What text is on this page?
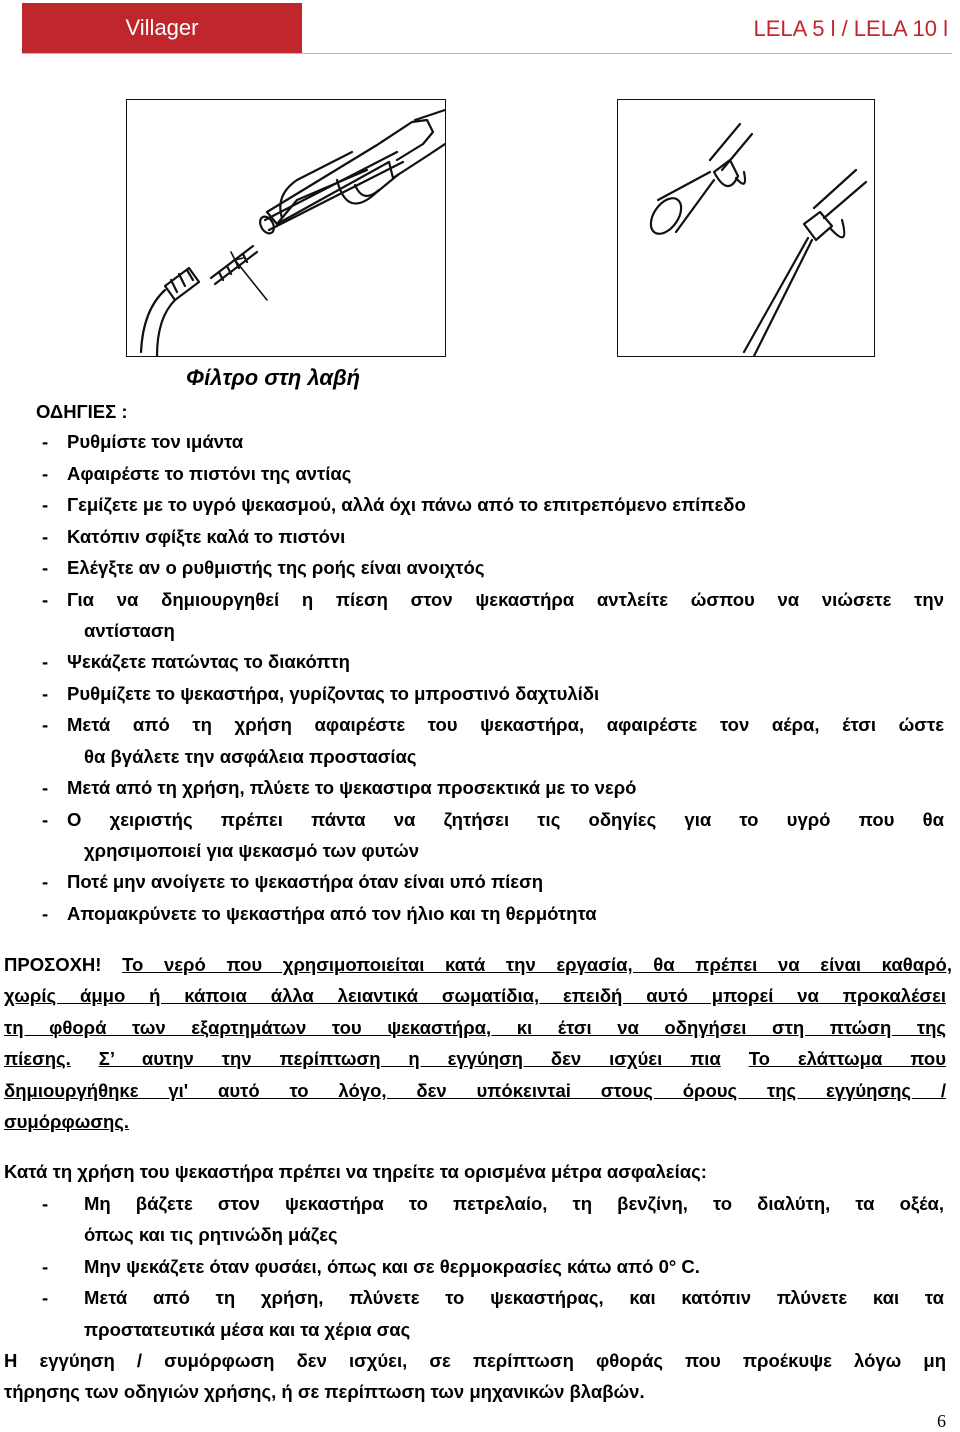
Villager	LELA 5 l / LELA 10 l
Φίλτρο στη λαβή
ΟΔΗΓΙΕΣ :
- Ρυθμίστε τον ιμάντα
- Αφαιρέστε το πιστόνι της αντίας
- Γεμίζετε με το υγρό ψεκασμού, αλλά όχι πάνω από το επιτρεπόμενο επίπεδο
- Κατόπιν σφίξτε καλά το πιστόνι
- Ελέγξτε αν ο ρυθμιστής της ροής είναι ανοιχτός
- Για να δημιουργηθεί η πίεση στον ψεκαστήρα αντλείτε ώσπου να νιώσετε την
αντίσταση
- Ψεκάζετε πατώντας το διακόπτη
- Ρυθμίζετε το ψεκαστήρα, γυρίζοντας το μπροστινό δαχτυλίδι
- Μετά από τη χρήση αφαιρέστε του ψεκαστήρα, αφαιρέστε τον αέρα, έτσι ώστε
θα βγάλετε την ασφάλεια προστασίας
- Μετά από τη χρήση, πλύετε το ψεκαστιρα προσεκτικά με το νερό
- Ο χειριστής πρέπει πάντα να ζητήσει τις οδηγίες για το υγρό που θα
χρησιμοποιεί για ψεκασμό των φυτών
- Ποτέ μην ανοίγετε το ψεκαστήρα όταν είναι υπό πίεση
- Απομακρύνετε το ψεκαστήρα από τον ήλιο και τη θερμότητα
ΠΡΟΣΟΧΗ! Το νερό που χρησιμοποιείται κατά την εργασία, θα πρέπει να είναι καθαρό,
χωρίς άμμο ή κάποια άλλα λειαντικά σωματίδια, επειδή αυτό μπορεί να προκαλέσει
τη φθορά των εξαρτημάτων του ψεκαστήρα, κι έτσι να οδηγήσει στη πτώση της
πίεσης. Σ’ αυτην την περίπτωση η εγγύηση δεν ισχύει πια Το ελάττωμα που
δημιουργήθηκε γι' αυτό το λόγο, δεν υπόκειντai στους όρους της εγγύησης /
συμόρφωσης.
Κατά τη χρήση του ψεκαστήρα πρέπει να τηρείτε τα ορισμένα μέτρα ασφαλείας:
- Μη βάζετε στον ψεκαστήρα το πετρελαίο, τη βενζίνη, το διαλύτη, τα οξέα,
όπως και τις ρητινώδη μάζες
- Μην ψεκάζετε όταν φυσάει, όπως και σε θερμοκρασίες κάτω από 0° C.
- Μετά από τη χρήση, πλύνετε το ψεκαστήρας, και κατόπιν πλύνετε και τα
προστατευτικά μέσα και τα χέρια σας
Η εγγύηση / συμόρφωση δεν ισχύει, σε περίπτωση φθοράς που προέκυψε λόγω μη
τήρησης των οδηγιών χρήσης, ή σε περίπτωση των μηχανικών βλαβών.
6
